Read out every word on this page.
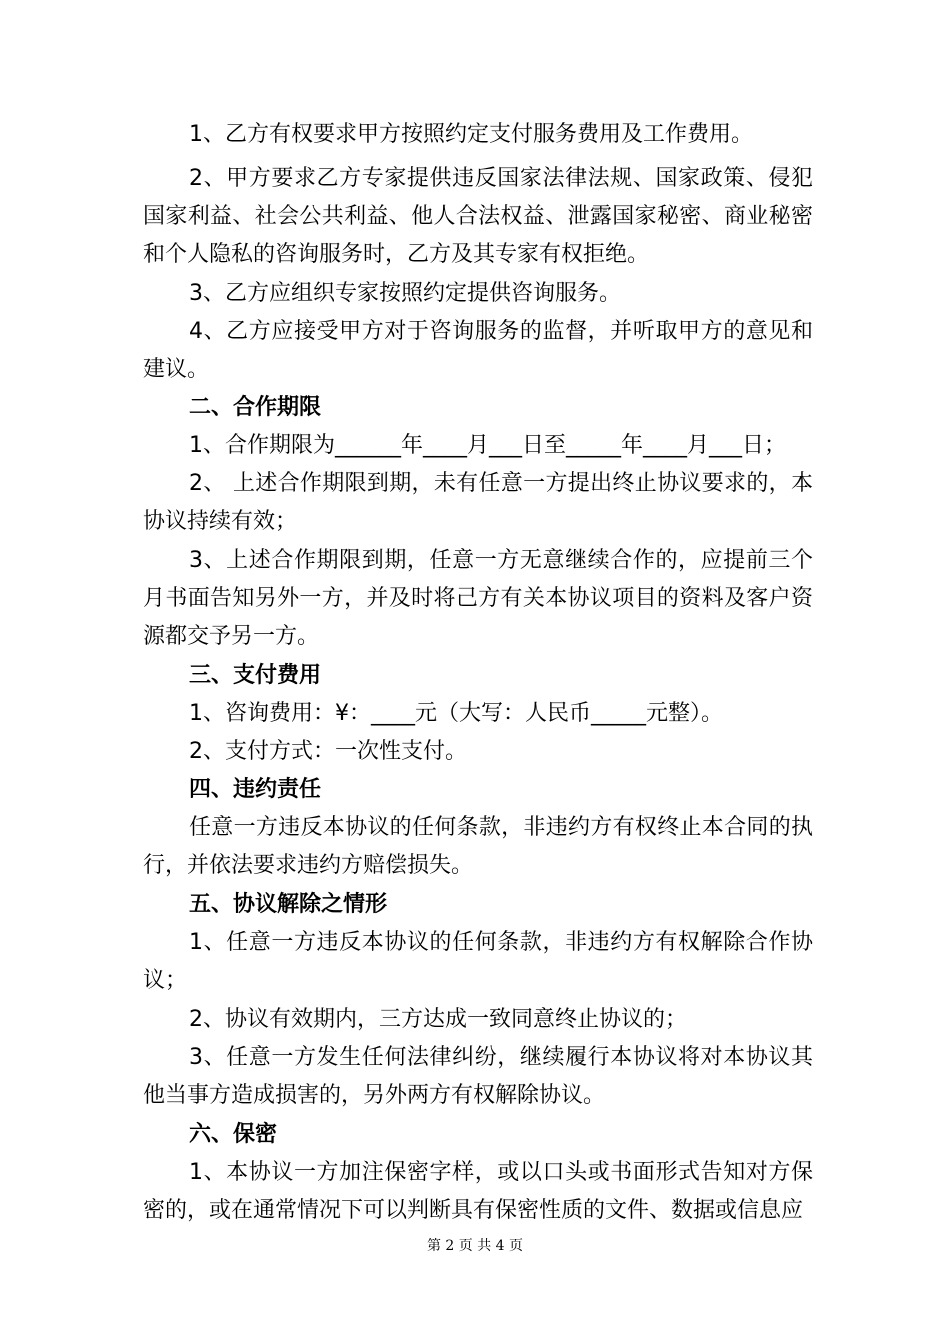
1、乙方有权要求甲方按照约定支付服务费用及工作费用。

2、甲方要求乙方专家提供违反国家法律法规、国家政策、侵犯国家利益、社会公共利益、他人合法权益、泄露国家秘密、商业秘密和个人隐私的咨询服务时，乙方及其专家有权拒绝。

3、乙方应组织专家按照约定提供咨询服务。

4、乙方应接受甲方对于咨询服务的监督，并听取甲方的意见和建议。

二、合作期限

1、合作期限为______年____月___日至_____年____月___日；

2、 上述合作期限到期，未有任意一方提出终止协议要求的，本协议持续有效；

3、上述合作期限到期，任意一方无意继续合作的，应提前三个月书面告知另外一方，并及时将己方有关本协议项目的资料及客户资源都交予另一方。

三、支付费用

1、咨询费用：¥：____元（大写：人民币_____元整）。

2、支付方式：一次性支付。

四、违约责任

任意一方违反本协议的任何条款，非违约方有权终止本合同的执行，并依法要求违约方赔偿损失。

五、协议解除之情形

1、任意一方违反本协议的任何条款，非违约方有权解除合作协议；

2、协议有效期内，三方达成一致同意终止协议的；

3、任意一方发生任何法律纠纷，继续履行本协议将对本协议其他当事方造成损害的，另外两方有权解除协议。

六、保密

1、本协议一方加注保密字样，或以口头或书面形式告知对方保密的，或在通常情况下可以判断具有保密性质的文件、数据或信息应

第 2 页 共 4 页
